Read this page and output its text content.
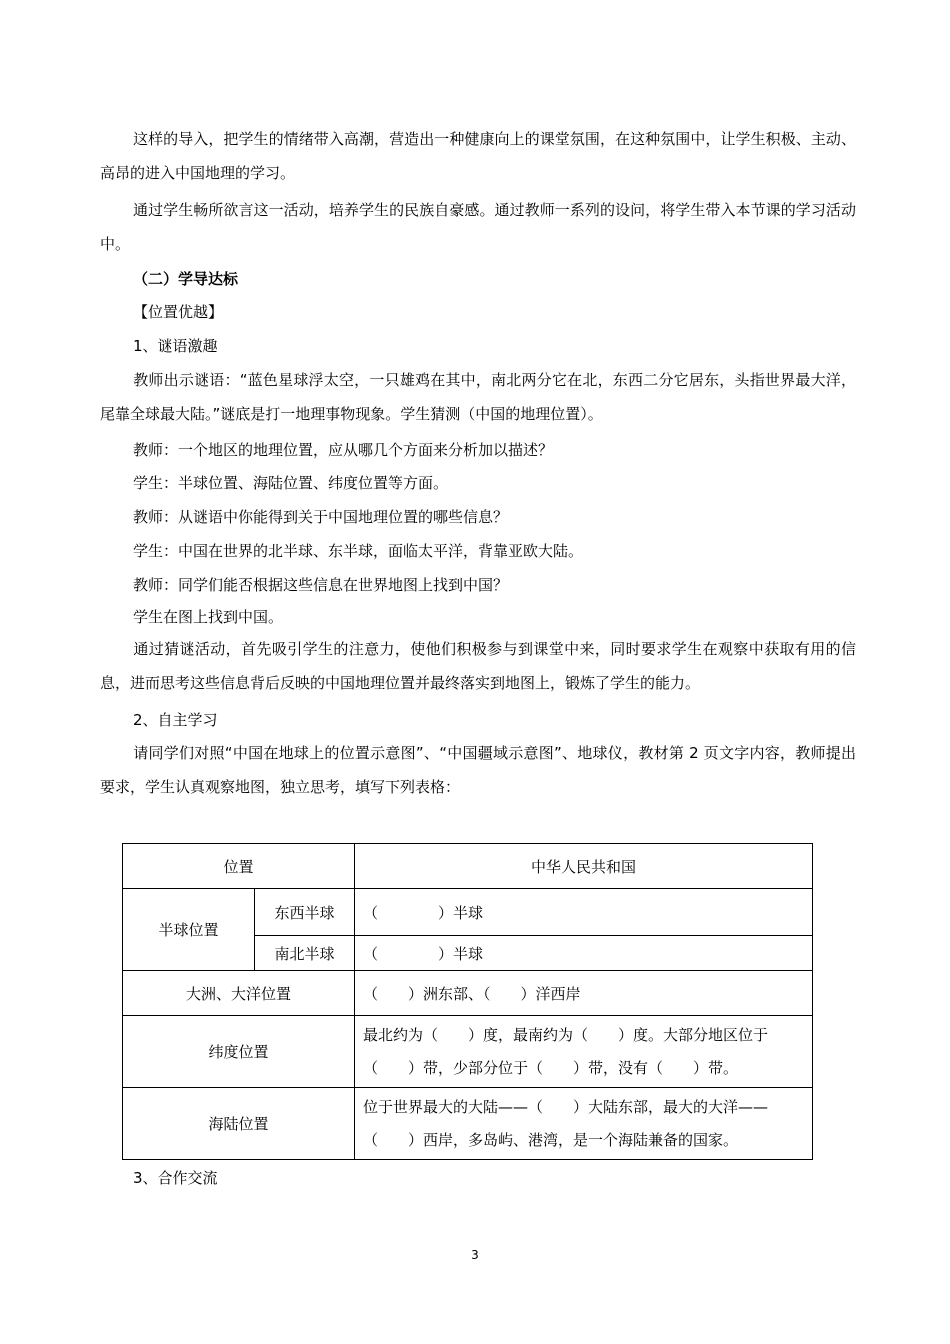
这样的导入，把学生的情绪带入高潮，营造出一种健康向上的课堂氛围，在这种氛围中，让学生积极、主动、高昂的进入中国地理的学习。
通过学生畅所欲言这一活动，培养学生的民族自豪感。通过教师一系列的设问，将学生带入本节课的学习活动中。
（二）学导达标
【位置优越】
1、谜语激趣
教师出示谜语：“蓝色星球浮太空，一只雄鸡在其中，南北两分它在北，东西二分它居东，头指世界最大洋，尾靠全球最大陆。”谜底是打一地理事物现象。学生猜测（中国的地理位置）。
教师：一个地区的地理位置，应从哪几个方面来分析加以描述？
学生：半球位置、海陆位置、纬度位置等方面。
教师：从谜语中你能得到关于中国地理位置的哪些信息？
学生：中国在世界的北半球、东半球，面临太平洋，背靠亚欧大陆。
教师：同学们能否根据这些信息在世界地图上找到中国？
学生在图上找到中国。
通过猜谜活动，首先吸引学生的注意力，使他们积极参与到课堂中来，同时要求学生在观察中获取有用的信息，进而思考这些信息背后反映的中国地理位置并最终落实到地图上，锻炼了学生的能力。
2、自主学习
请同学们对照“中国在地球上的位置示意图”、“中国疆域示意图”、地球仪，教材第 2 页文字内容，教师提出要求，学生认真观察地图，独立思考，填写下列表格：
位置		中华人民共和国
半球位置	东西半球	（　　　　）半球
	南北半球	（　　　　）半球
大洲、大洋位置		（　　）洲东部、（　　）洋西岸
纬度位置		最北约为（　　）度，最南约为（　　）度。大部分地区位于（　　）带，少部分位于（　　）带，没有（　　）带。
海陆位置		位于世界最大的大陆——（　　）大陆东部，最大的大洋——（　　）西岸，多岛屿、港湾，是一个海陆兼备的国家。
3、合作交流
3
